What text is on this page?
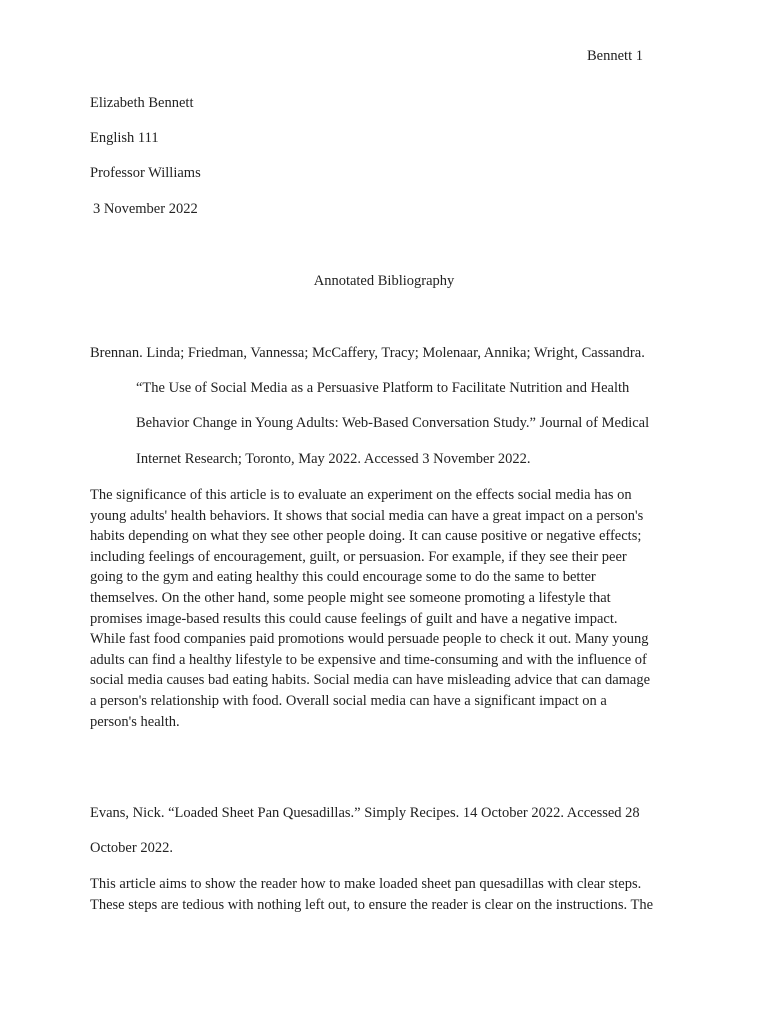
Bennett 1
Elizabeth Bennett
English 111
Professor Williams
3 November 2022
Annotated Bibliography
Brennan. Linda; Friedman, Vannessa; McCaffery, Tracy; Molenaar, Annika; Wright, Cassandra.
“The Use of Social Media as a Persuasive Platform to Facilitate Nutrition and Health
Behavior Change in Young Adults: Web-Based Conversation Study.” Journal of Medical
Internet Research; Toronto, May 2022. Accessed 3 November 2022.

The significance of this article is to evaluate an experiment on the effects social media has on
young adults' health behaviors. It shows that social media can have a great impact on a person's
habits depending on what they see other people doing. It can cause positive or negative effects;
including feelings of encouragement, guilt, or persuasion. For example, if they see their peer
going to the gym and eating healthy this could encourage some to do the same to better
themselves. On the other hand, some people might see someone promoting a lifestyle that
promises image-based results this could cause feelings of guilt and have a negative impact.
While fast food companies paid promotions would persuade people to check it out. Many young
adults can find a healthy lifestyle to be expensive and time-consuming and with the influence of
social media causes bad eating habits. Social media can have misleading advice that can damage
a person's relationship with food. Overall social media can have a significant impact on a
person's health.

Evans, Nick. “Loaded Sheet Pan Quesadillas.” Simply Recipes. 14 October 2022. Accessed 28
October 2022.

This article aims to show the reader how to make loaded sheet pan quesadillas with clear steps.
These steps are tedious with nothing left out, to ensure the reader is clear on the instructions. The
